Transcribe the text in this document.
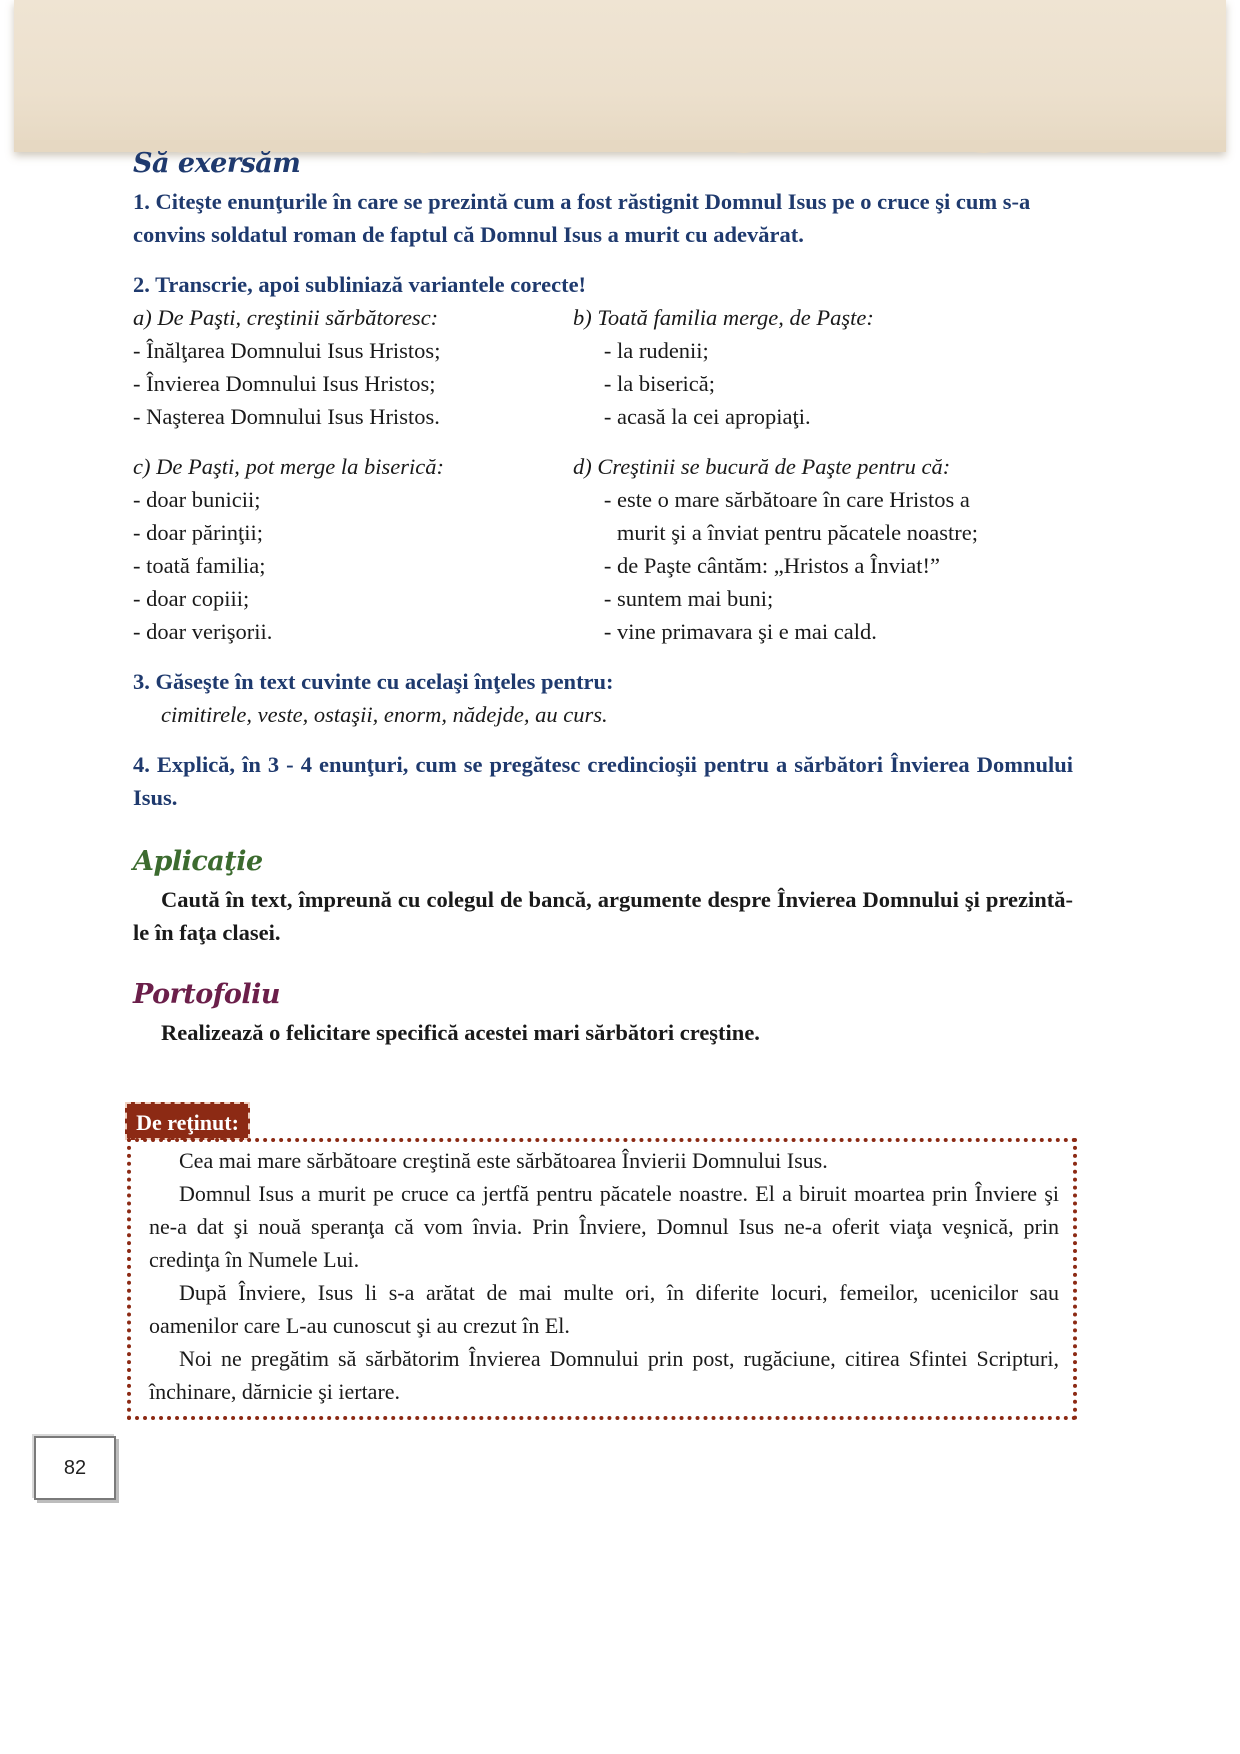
Să exersăm

1. Citeşte enunţurile în care se prezintă cum a fost răstignit Domnul Isus pe o cruce şi cum s-a convins soldatul roman de faptul că Domnul Isus a murit cu adevărat.

2. Transcrie, apoi subliniază variantele corecte!

a) De Paşti, creştinii sărbătoresc:	b) Toată familia merge, de Paşte:
- Înălţarea Domnului Isus Hristos;
- Învierea Domnului Isus Hristos;
- Naşterea Domnului Isus Hristos.
- la rudenii;
- la biserică;
- acasă la cei apropiaţi.
c) De Paşti, pot merge la biserică:	d) Creştinii se bucură de Paşte pentru că:
- doar bunicii;
- doar părinţii;
- toată familia;
- doar copiii;
- doar verişorii.
- este o mare sărbătoare în care Hristos a
murit şi a înviat pentru păcatele noastre;
- de Paşte cântăm: „Hristos a Înviat!”
- suntem mai buni;
- vine primavara şi e mai cald.

3. Găseşte în text cuvinte cu acelaşi înţeles pentru:

cimitirele, veste, ostaşii, enorm, nădejde, au curs.

4. Explică, în 3 - 4 enunţuri, cum se pregătesc credincioşii pentru a sărbători Învierea Domnului Isus.

Aplicaţie

Caută în text, împreună cu colegul de bancă, argumente despre Învierea Domnului şi prezintă-le în faţa clasei.

Portofoliu

Realizează o felicitare specifică acestei mari sărbători creştine.

De reţinut:

Cea mai mare sărbătoare creştină este sărbătoarea Învierii Domnului Isus.

Domnul Isus a murit pe cruce ca jertfă pentru păcatele noastre. El a biruit moartea prin Înviere şi ne-a dat şi nouă speranţa că vom învia. Prin Înviere, Domnul Isus ne-a oferit viaţa veşnică, prin credinţa în Numele Lui.

După Înviere, Isus li s-a arătat de mai multe ori, în diferite locuri, femeilor, ucenicilor sau oamenilor care L-au cunoscut şi au crezut în El.

Noi ne pregătim să sărbătorim Învierea Domnului prin post, rugăciune, citirea Sfintei Scripturi, închinare, dărnicie şi iertare.

82
